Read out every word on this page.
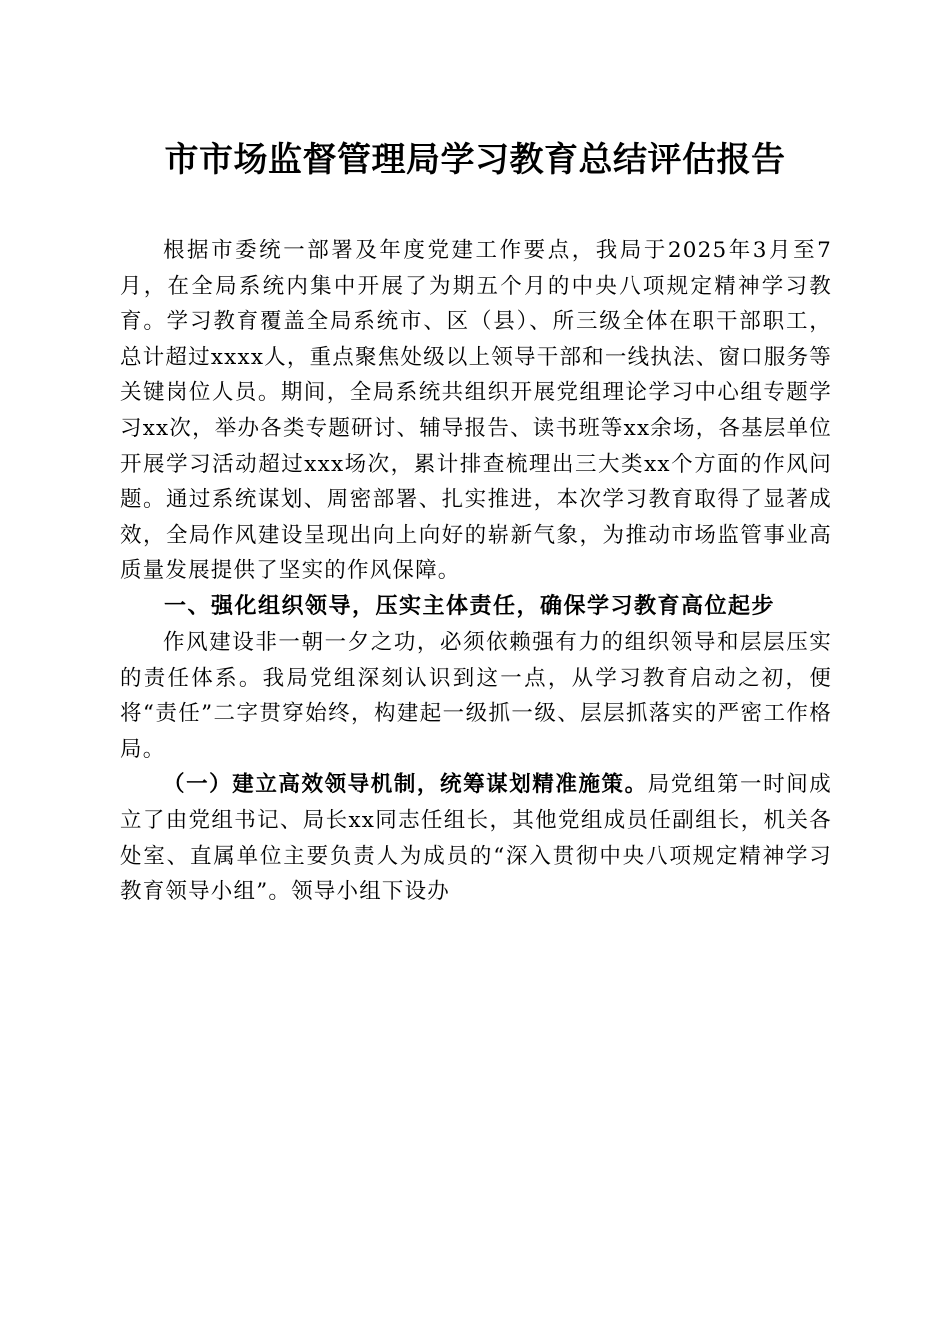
市市场监督管理局学习教育总结评估报告

根据市委统一部署及年度党建工作要点，我局于2025年3月至7月，在全局系统内集中开展了为期五个月的中央八项规定精神学习教育。学习教育覆盖全局系统市、区（县）、所三级全体在职干部职工，总计超过xxxx人，重点聚焦处级以上领导干部和一线执法、窗口服务等关键岗位人员。期间，全局系统共组织开展党组理论学习中心组专题学习xx次，举办各类专题研讨、辅导报告、读书班等xx余场，各基层单位开展学习活动超过xxx场次，累计排查梳理出三大类xx个方面的作风问题。通过系统谋划、周密部署、扎实推进，本次学习教育取得了显著成效，全局作风建设呈现出向上向好的崭新气象，为推动市场监管事业高质量发展提供了坚实的作风保障。

一、强化组织领导，压实主体责任，确保学习教育高位起步

作风建设非一朝一夕之功，必须依赖强有力的组织领导和层层压实的责任体系。我局党组深刻认识到这一点，从学习教育启动之初，便将“责任”二字贯穿始终，构建起一级抓一级、层层抓落实的严密工作格局。

（一）建立高效领导机制，统筹谋划精准施策。局党组第一时间成立了由党组书记、局长xx同志任组长，其他党组成员任副组长，机关各处室、直属单位主要负责人为成员的“深入贯彻中央八项规定精神学习教育领导小组”。领导小组下设办
